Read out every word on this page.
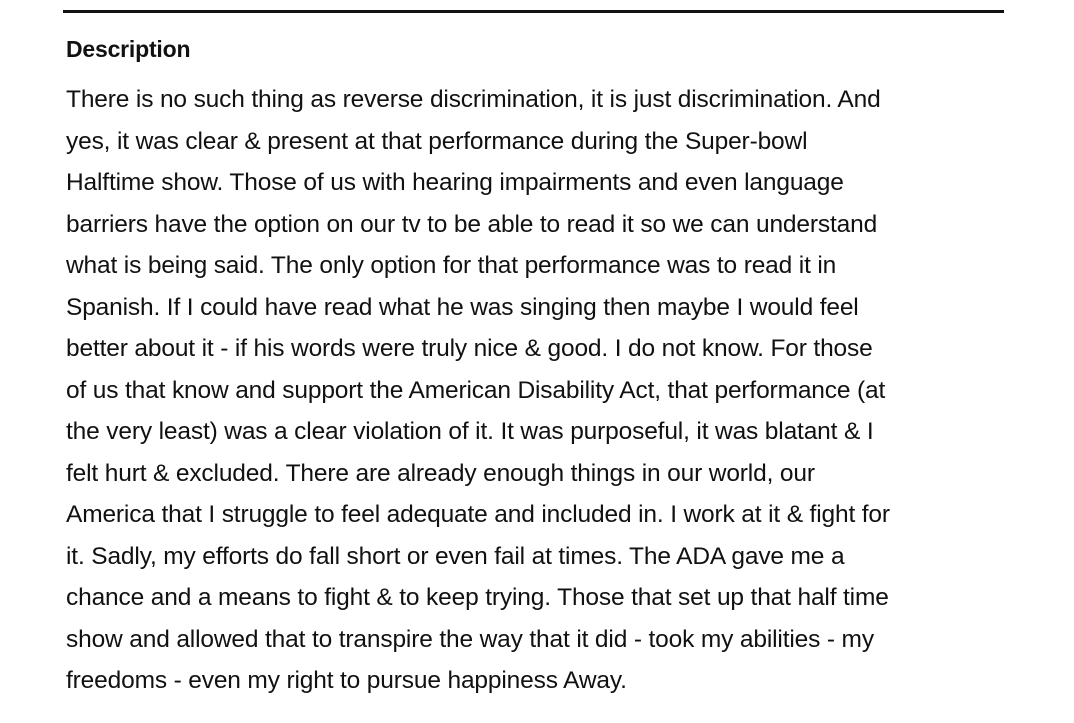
Description
There is no such thing as reverse discrimination, it is just discrimination. And
yes, it was clear & present at that performance during the Super-bowl
Halftime show. Those of us with hearing impairments and even language
barriers have the option on our tv to be able to read it so we can understand
what is being said. The only option for that performance was to read it in
Spanish. If I could have read what he was singing then maybe I would feel
better about it - if his words were truly nice & good. I do not know. For those
of us that know and support the American Disability Act, that performance (at
the very least) was a clear violation of it. It was purposeful, it was blatant & I
felt hurt & excluded. There are already enough things in our world, our
America that I struggle to feel adequate and included in. I work at it & fight for
it. Sadly, my efforts do fall short or even fail at times. The ADA gave me a
chance and a means to fight & to keep trying. Those that set up that half time
show and allowed that to transpire the way that it did - took my abilities - my
freedoms - even my right to pursue happiness Away.
